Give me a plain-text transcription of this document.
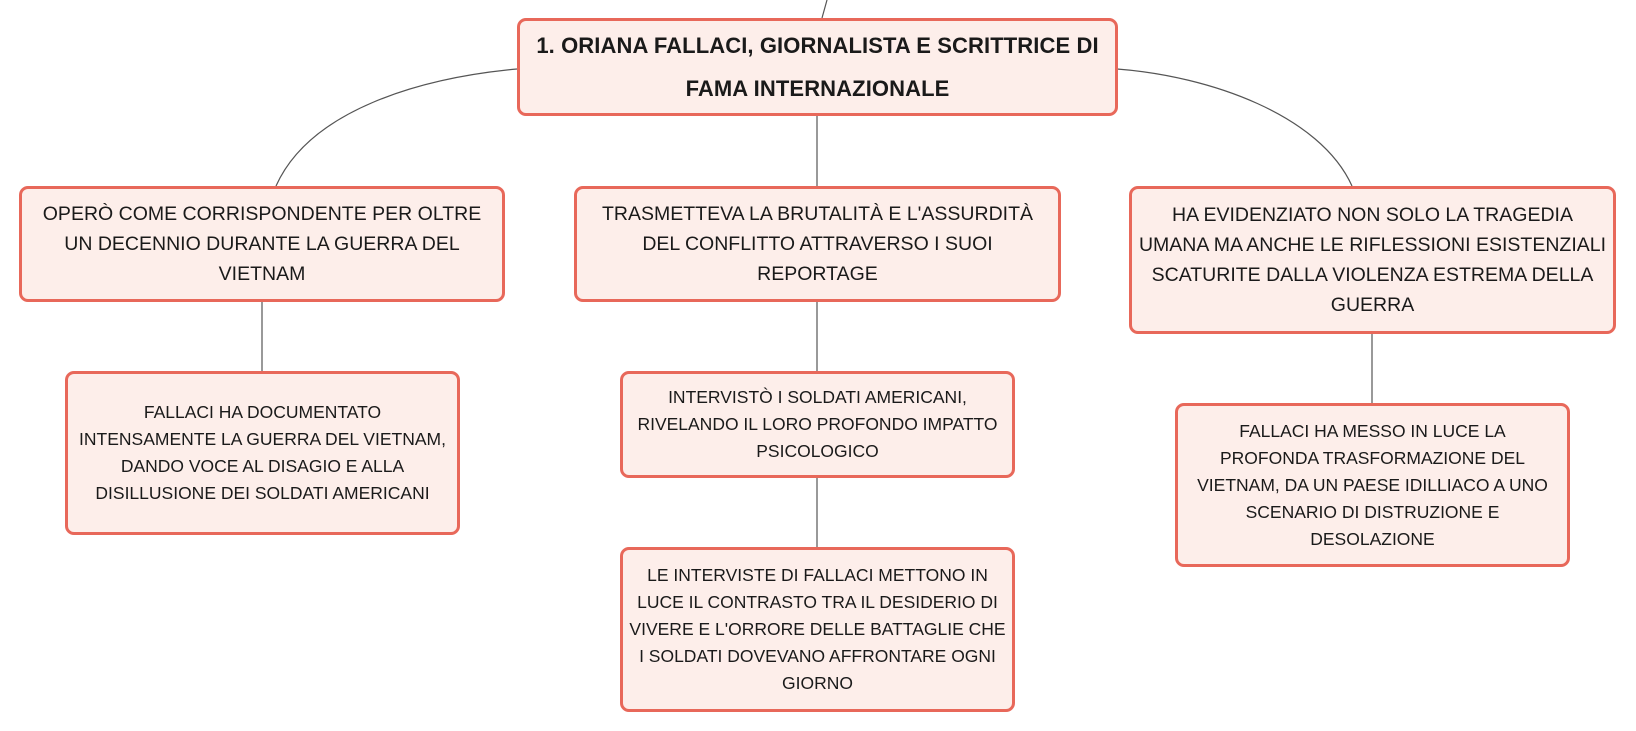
1. ORIANA FALLACI, GIORNALISTA E SCRITTRICE DI FAMA INTERNAZIONALE
OPERÒ COME CORRISPONDENTE PER OLTRE UN DECENNIO DURANTE LA GUERRA DEL VIETNAM
TRASMETTEVA LA BRUTALITÀ E L'ASSURDITÀ DEL CONFLITTO ATTRAVERSO I SUOI REPORTAGE
HA EVIDENZIATO NON SOLO LA TRAGEDIA UMANA MA ANCHE LE RIFLESSIONI ESISTENZIALI SCATURITE DALLA VIOLENZA ESTREMA DELLA GUERRA
FALLACI HA DOCUMENTATO INTENSAMENTE LA GUERRA DEL VIETNAM, DANDO VOCE AL DISAGIO E ALLA DISILLUSIONE DEI SOLDATI AMERICANI
INTERVISTÒ I SOLDATI AMERICANI, RIVELANDO IL LORO PROFONDO IMPATTO PSICOLOGICO
LE INTERVISTE DI FALLACI METTONO IN LUCE IL CONTRASTO TRA IL DESIDERIO DI VIVERE E L'ORRORE DELLE BATTAGLIE CHE I SOLDATI DOVEVANO AFFRONTARE OGNI GIORNO
FALLACI HA MESSO IN LUCE LA PROFONDA TRASFORMAZIONE DEL VIETNAM, DA UN PAESE IDILLIACO A UNO SCENARIO DI DISTRUZIONE E DESOLAZIONE
